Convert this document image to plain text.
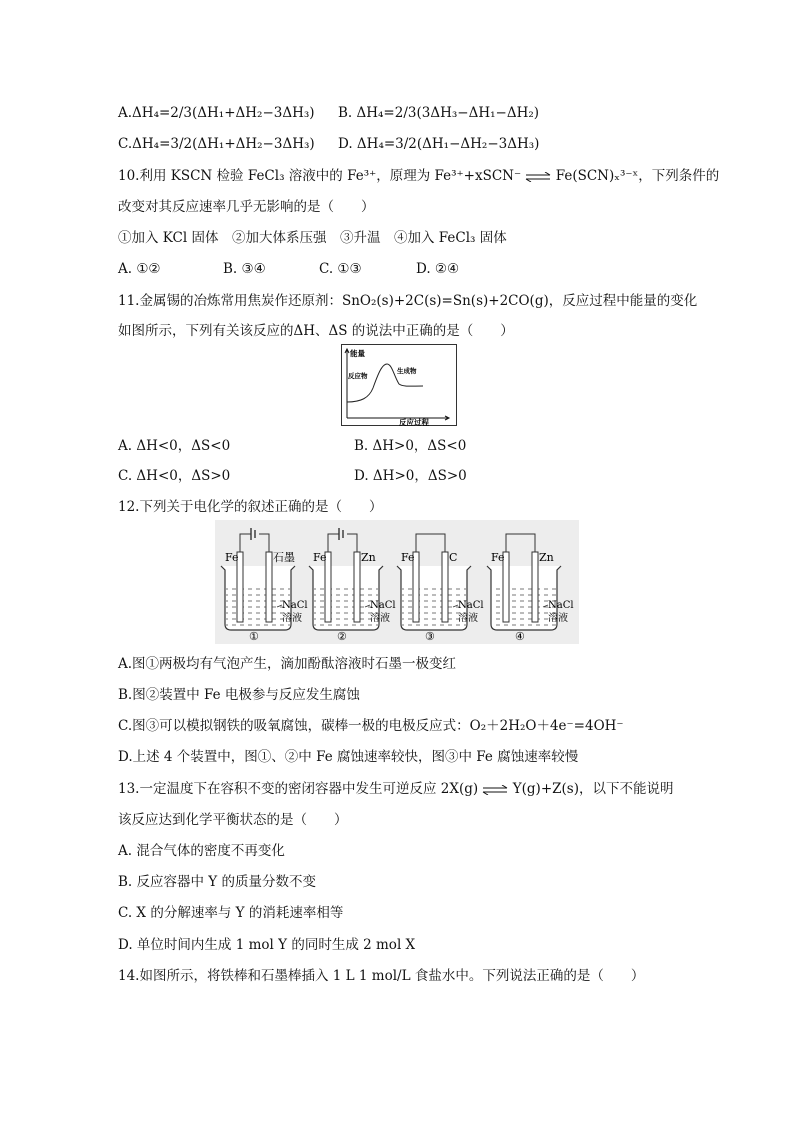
A.ΔH₄=2/3(ΔH₁+ΔH₂−3ΔH₃) B. ΔH₄=2/3(3ΔH₃−ΔH₁−ΔH₂)
C.ΔH₄=3/2(ΔH₁+ΔH₂−3ΔH₃) D. ΔH₄=3/2(ΔH₁−ΔH₂−3ΔH₃)
10.利用 KSCN 检验 FeCl₃ 溶液中的 Fe³⁺，原理为 Fe³⁺+xSCN⁻ ⇌ Fe(SCN)ₓ³⁻ˣ，下列条件的
改变对其反应速率几乎无影响的是（　　）
①加入 KCl 固体　②加大体系压强　③升温　④加入 FeCl₃ 固体
A. ①②	B. ③④	C. ①③	D. ②④
11.金属锡的冶炼常用焦炭作还原剂：SnO₂(s)+2C(s)=Sn(s)+2CO(g)，反应过程中能量的变化
如图所示，下列有关该反应的ΔH、ΔS 的说法中正确的是（　　）
能量
反应物
生成物
反应过程
A. ΔH<0，ΔS<0	B. ΔH>0，ΔS<0
C. ΔH<0，ΔS>0	D. ΔH>0，ΔS>0
12.下列关于电化学的叙述正确的是（　　）
Fe	石墨
NaCl
溶液
①
Fe	Zn
NaCl
溶液
②
Fe	C
NaCl
溶液
③
Fe	Zn
NaCl
溶液
④
A.图①两极均有气泡产生，滴加酚酞溶液时石墨一极变红
B.图②装置中 Fe 电极参与反应发生腐蚀
C.图③可以模拟钢铁的吸氧腐蚀，碳棒一极的电极反应式：O₂＋2H₂O＋4e⁻=4OH⁻
D.上述 4 个装置中，图①、②中 Fe 腐蚀速率较快，图③中 Fe 腐蚀速率较慢
13.一定温度下在容积不变的密闭容器中发生可逆反应 2X(g) ⇌ Y(g)+Z(s)，以下不能说明
该反应达到化学平衡状态的是（　　）
A. 混合气体的密度不再变化
B. 反应容器中 Y 的质量分数不变
C. X 的分解速率与 Y 的消耗速率相等
D. 单位时间内生成 1 mol Y 的同时生成 2 mol X
14.如图所示，将铁棒和石墨棒插入 1 L 1 mol/L 食盐水中。下列说法正确的是（　　）
